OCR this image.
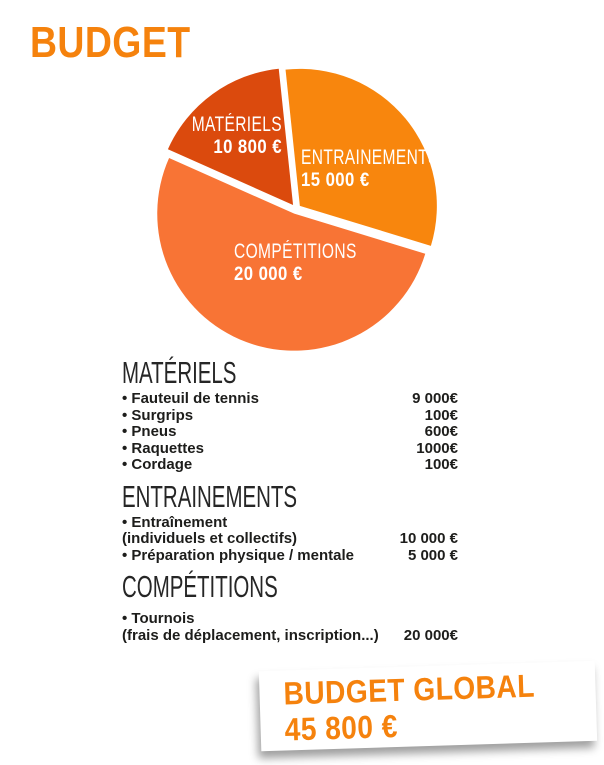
BUDGET
MATÉRIELS
10 800 € ENTRAINEMENTS
15 000 €
COMPÉTITIONS
20 000 €
MATÉRIELS
• Fauteuil de tennis	9 000€
• Surgrips	100€
• Pneus	600€
• Raquettes	1000€
• Cordage	100€
ENTRAINEMENTS
• Entraînement
(individuels et collectifs)	10 000 €
• Préparation physique / mentale	5 000 €
COMPÉTITIONS
• Tournois
(frais de déplacement, inscription...)	20 000€
BUDGET GLOBAL
45 800 €
